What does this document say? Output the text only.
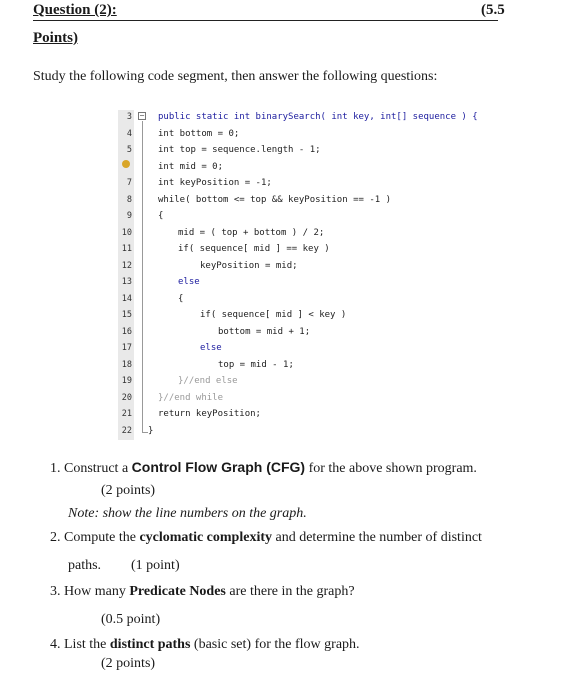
Question (2):	(5.5
Points)
Study the following code segment, then answer the following questions:
−
3
4
5
7
8
9
10
11
12
13
14
15
16
17
18
19
20
21
22
public static int binarySearch( int key, int[] sequence ) {
int bottom = 0;
int top = sequence.length - 1;
int mid = 0;
int keyPosition = -1;
while( bottom <= top && keyPosition == -1 )
{
mid = ( top + bottom ) / 2;
if( sequence[ mid ] == key )
keyPosition = mid;
else
{
if( sequence[ mid ] < key )
bottom = mid + 1;
else
top = mid - 1;
}//end else
}//end while
return keyPosition;
}
1. Construct a Control Flow Graph (CFG) for the above shown program.
(2 points)
Note: show the line numbers on the graph.
2. Compute the cyclomatic complexity and determine the number of distinct
paths. (1 point)
3. How many Predicate Nodes are there in the graph?
(0.5 point)
4. List the distinct paths (basic set) for the flow graph.
(2 points)
